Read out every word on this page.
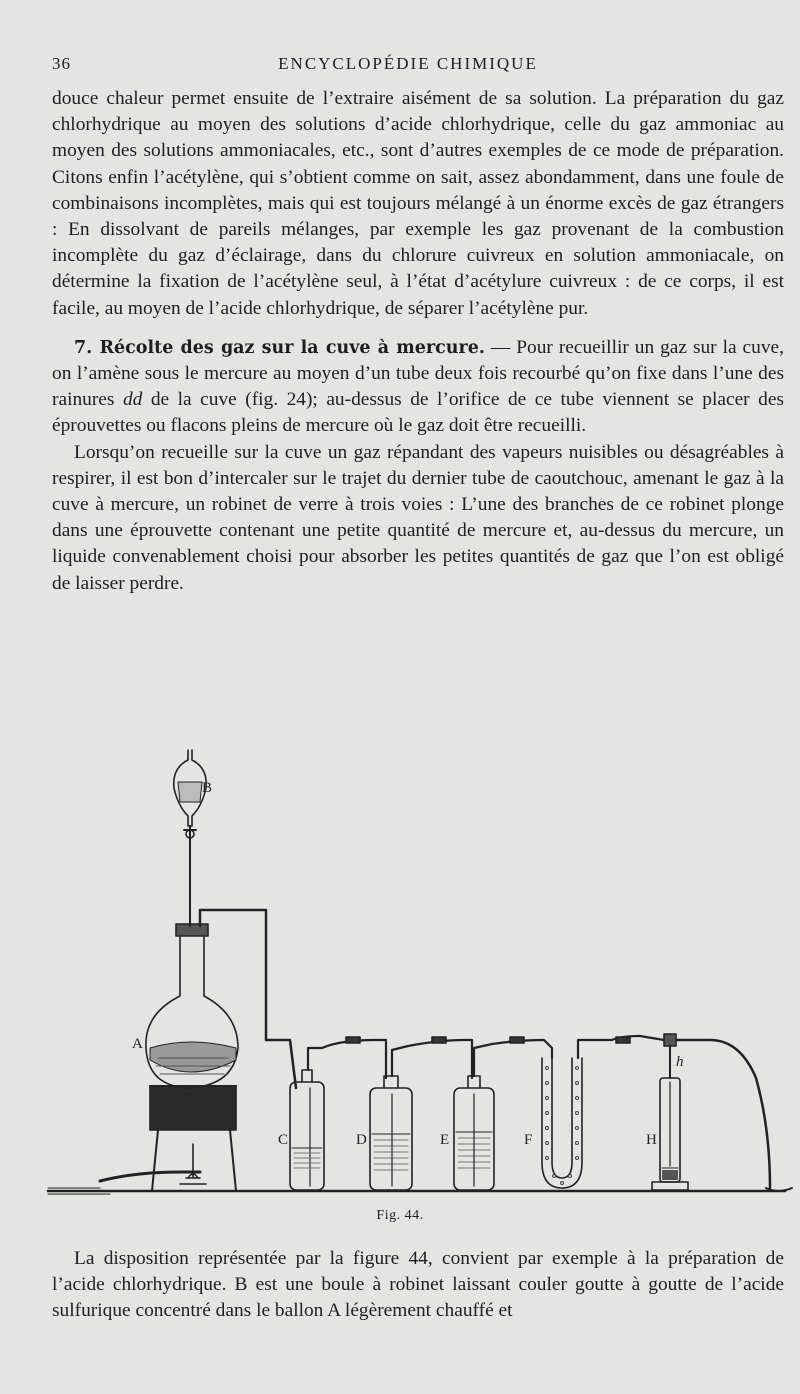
36	ENCYCLOPÉDIE CHIMIQUE

douce chaleur permet ensuite de l’extraire aisément de sa solution. La préparation du gaz chlorhydrique au moyen des solutions d’acide chlorhydrique, celle du gaz ammoniac au moyen des solutions ammoniacales, etc., sont d’autres exemples de ce mode de préparation. Citons enfin l’acétylène, qui s’obtient comme on sait, assez abondamment, dans une foule de combinaisons incomplètes, mais qui est toujours mélangé à un énorme excès de gaz étrangers : En dissolvant de pareils mélanges, par exemple les gaz provenant de la combustion incomplète du gaz d’éclairage, dans du chlorure cuivreux en solution ammoniacale, on détermine la fixation de l’acétylène seul, à l’état d’acétylure cuivreux : de ce corps, il est facile, au moyen de l’acide chlorhydrique, de séparer l’acétylène pur.

7. Récolte des gaz sur la cuve à mercure. — Pour recueillir un gaz sur la cuve, on l’amène sous le mercure au moyen d’un tube deux fois recourbé qu’on fixe dans l’une des rainures dd de la cuve (fig. 24); au-dessus de l’orifice de ce tube viennent se placer des éprouvettes ou flacons pleins de mercure où le gaz doit être recueilli.

Lorsqu’on recueille sur la cuve un gaz répandant des vapeurs nuisibles ou désagréables à respirer, il est bon d’intercaler sur le trajet du dernier tube de caoutchouc, amenant le gaz à la cuve à mercure, un robinet de verre à trois voies : L’une des branches de ce robinet plonge dans une éprouvette contenant une petite quantité de mercure et, au-dessus du mercure, un liquide convenablement choisi pour absorber les petites quantités de gaz que l’on est obligé de laisser perdre.

A
B
C	D	E	F
h
H
Fig. 44.

La disposition représentée par la figure 44, convient par exemple à la préparation de l’acide chlorhydrique. B est une boule à robinet laissant couler goutte à goutte de l’acide sulfurique concentré dans le ballon A légèrement chauffé et
